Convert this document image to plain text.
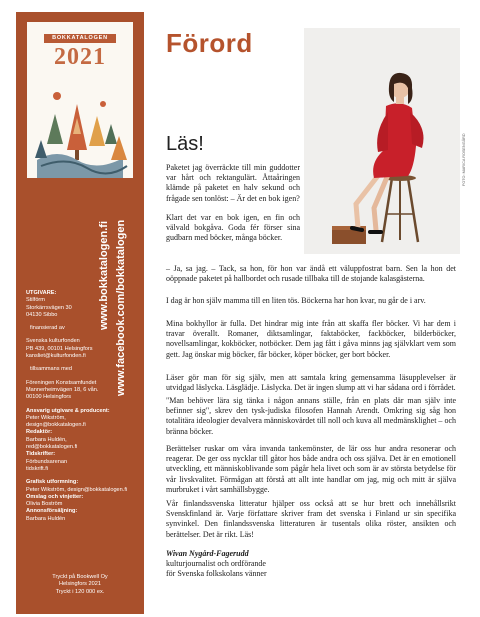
BOKKATALOGEN
2021
www.bokkatalogen.fi www.facebook.com/bokkatalogen
UTGIVARE:
Stilförm
Storkärrsvägen 30
04130 Sibbo
finansierad av
Svenska kulturfonden
PB 439, 00101 Helsingfors
kansliet@kulturfonden.fi
tillsammans med
Föreningen Konstsamfundet
Mannerheimvägen 18, 6 vån.
00100 Helsingfors
Ansvarig utgivare & producent:
Peter Wikström,
design@bokkatalogen.fi
Redaktör:
Barbara Huldén,
red@bokkatalogen.fi
Tidskrifter:
Förbundsarenan
tidskrift.fi
Grafisk utformning:
Peter Wikström, design@bokkatalogen.fi
Omslag och vinjetter:
Olivia Boström
Annonsförsäljning:
Barbara Huldén
Tryckt på Bookwell Oy
Helsingfors 2021
Tryckt i 120 000 ex.
Förord
FOTO: MARICA ROSENGÅRD
Läs!

Paketet jag överräckte till min guddotter var hårt och rektangulärt. Åttaåringen klämde på paketet en halv sekund och frågade sen tonlöst: – Är det en bok igen?

Klart det var en bok igen, en fin och välvald bokgåva. Goda fér förser sina gudbarn med böcker, många böcker.

– Ja, sa jag. – Tack, sa hon, för hon var ändå ett väluppfostrat barn. Sen la hon det oöppnade paketet på hallbordet och rusade tillbaka till de stojande kalasgästerna.

I dag är hon själv mamma till en liten tös. Böckerna har hon kvar, nu går de i arv.

Mina bokhyllor är fulla. Det hindrar mig inte från att skaffa fler böcker. Vi har dem i travar överallt. Romaner, diktsamlingar, faktaböcker, fackböcker, bilderböcker, novellsamlingar, kokböcker, notböcker. Dem jag fått i gåva minns jag självklart vem som gett. Jag önskar mig böcker, får böcker, köper böcker, ger bort böcker.

Läser gör man för sig själv, men att samtala kring gemensamma läsupplevelser är utvidgad läslycka. Läsglädje. Läslycka. Det är ingen slump att vi har sådana ord i förrådet.

"Man behöver lära sig tänka i någon annans ställe, från en plats där man själv inte befinner sig", skrev den tysk-judiska filosofen Hannah Arendt. Omkring sig såg hon totalitära ideologier devalvera människovärdet till noll och kuva all medmänsklighet – och brännа böcker.

Berättelser ruskar om våra invanda tankemönster, de lär oss hur andra resonerar och reagerar. De ger oss nycklar till gåtor hos både andra och oss själva. Det är en emotionell utveckling, ett människoblivande som pågår hela livet och som är av största betydelse för vår livskvalitet. Förmågan att förstå att allt inte handlar om jag, mig och mitt är själva murbruket i vårt samhällsbygge.

Vår finlandssvenska litteratur hjälper oss också att se hur brett och innehållsrikt Svenskfinland är. Varje författare skriver fram det svenska i Finland ur sin specifika synvinkel. Den finlandssvenska litteraturen är tusentals olika röster, ansikten och berättelser. Det är rikt. Läs!

Wivan Nygård-Fagerudd
kulturjournalist och ordförande
för Svenska folkskolans vänner
